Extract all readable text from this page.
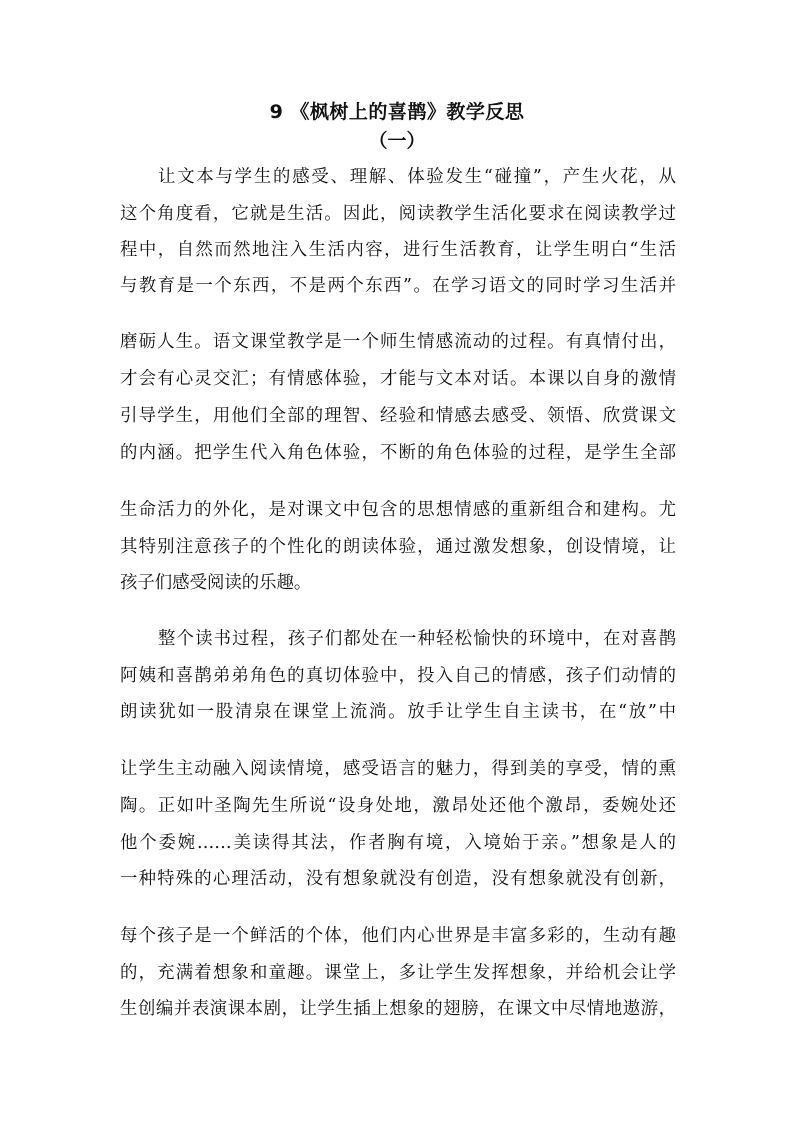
9 《枫树上的喜鹊》教学反思
（一）
让文本与学生的感受、理解、体验发生“碰撞”，产生火花，从
这个角度看，它就是生活。因此，阅读教学生活化要求在阅读教学过
程中，自然而然地注入生活内容，进行生活教育，让学生明白“生活
与教育是一个东西，不是两个东西”。在学习语文的同时学习生活并
磨砺人生。语文课堂教学是一个师生情感流动的过程。有真情付出，
才会有心灵交汇；有情感体验，才能与文本对话。本课以自身的激情
引导学生，用他们全部的理智、经验和情感去感受、领悟、欣赏课文
的内涵。把学生代入角色体验，不断的角色体验的过程，是学生全部
生命活力的外化，是对课文中包含的思想情感的重新组合和建构。尤
其特别注意孩子的个性化的朗读体验，通过激发想象，创设情境，让
孩子们感受阅读的乐趣。
整个读书过程，孩子们都处在一种轻松愉快的环境中，在对喜鹊
阿姨和喜鹊弟弟角色的真切体验中，投入自己的情感，孩子们动情的
朗读犹如一股清泉在课堂上流淌。放手让学生自主读书，在“放”中
让学生主动融入阅读情境，感受语言的魅力，得到美的享受，情的熏
陶。正如叶圣陶先生所说“设身处地，激昂处还他个激昂，委婉处还
他个委婉……美读得其法，作者胸有境，入境始于亲。”想象是人的
一种特殊的心理活动，没有想象就没有创造，没有想象就没有创新，
每个孩子是一个鲜活的个体，他们内心世界是丰富多彩的，生动有趣
的，充满着想象和童趣。课堂上，多让学生发挥想象，并给机会让学
生创编并表演课本剧，让学生插上想象的翅膀，在课文中尽情地遨游，
